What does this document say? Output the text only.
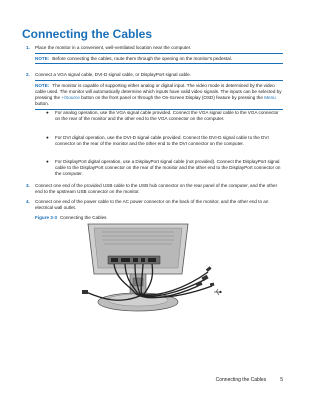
Connecting the Cables
1. Place the monitor in a convenient, well-ventilated location near the computer.
NOTE: Before connecting the cables, route them through the opening on the monitor's pedestal.
2. Connect a VGA signal cable, DVI-D signal cable, or DisplayPort signal cable.
NOTE: The monitor is capable of supporting either analog or digital input. The video mode is determined by the video cable used. The monitor will automatically determine which inputs have valid video signals. The inputs can be selected by pressing the +/Source button on the front panel or through the On-Screen Display (OSD) feature by pressing the Menu button.
● For analog operation, use the VGA signal cable provided. Connect the VGA signal cable to the VGA connector on the rear of the monitor and the other end to the VGA connector on the computer.
● For DVI digital operation, use the DVI-D signal cable provided. Connect the DVI-D signal cable to the DVI connector on the rear of the monitor and the other end to the DVI connector on the computer.
● For DisplayPort digital operation, use a DisplayPort signal cable (not provided). Connect the DisplayPort signal cable to the DisplayPort connector on the rear of the monitor and the other end to the DisplayPort connector on the computer.
3. Connect one end of the provided USB cable to the USB hub connector on the rear panel of the computer, and the other end to the upstream USB connector on the monitor.
4. Connect one end of the power cable to the AC power connector on the back of the monitor, and the other end to an electrical wall outlet.
Figure 2-3 Connecting the Cables
Connecting the Cables	5
